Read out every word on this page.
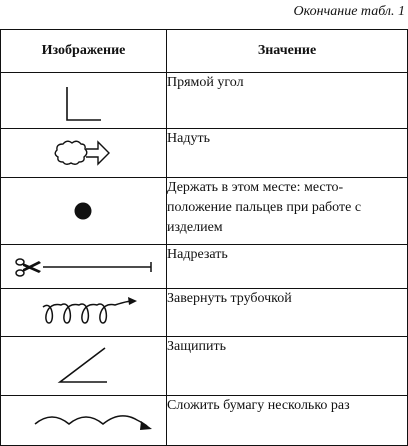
Окончание табл. 1
Изображение	Значение

Прямой угол

Надуть

Держать в этом месте: место-положение пальцев при работе с изделием

Надрезать

Завернуть трубочкой

Защипить

Сложить бумагу несколько раз
